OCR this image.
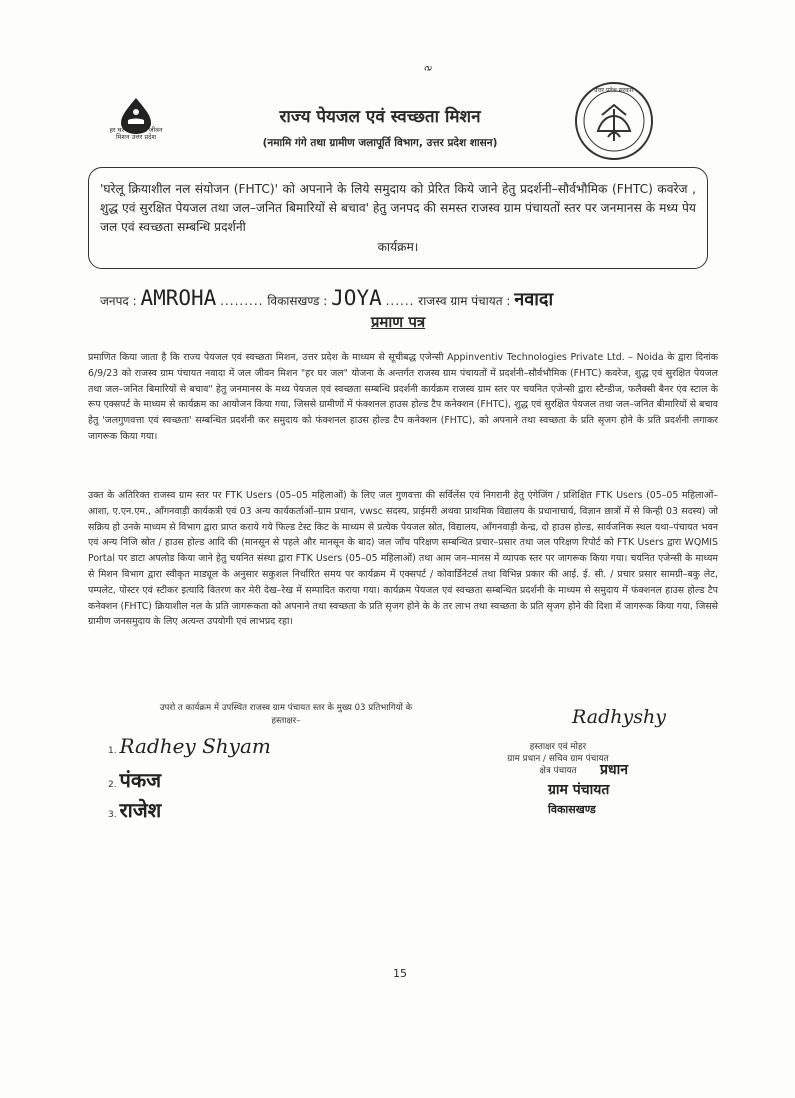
༸
हर घर जल जल जीवन मिशन उत्तर प्रदेश
उत्तर प्रदेश सरकार
राज्य पेयजल एवं स्वच्छता मिशन
(नमामि गंगे तथा ग्रामीण जलापूर्ति विभाग, उत्तर प्रदेश शासन)
'घरेलू क्रियाशील नल संयोजन (FHTC)' को अपनाने के लिये समुदाय को प्रेरित किये जाने हेतु प्रदर्शनी–सौर्वभौमिक (FHTC) कवरेज , शुद्ध एवं सुरक्षित पेयजल तथा जल–जनित बिमारियों से बचाव' हेतु जनपद की समस्त राजस्व ग्राम पंचायतों स्तर पर जनमानस के मध्य पेय जल एवं स्वच्छता सम्बन्धि प्रदर्शनी
कार्यक्रम।
जनपद : AMROHA ......... विकासखण्ड : JOYA ...... राजस्व ग्राम पंचायत : नवादा
प्रमाण पत्र
प्रमाणित किया जाता है कि राज्य पेयजल एवं स्वच्छता मिशन, उत्तर प्रदेश के माध्यम से सूचीबद्ध एजेन्सी Appinventiv Technologies Private Ltd. – Noida के द्वारा दिनांक 6/9/23 को राजस्व ग्राम पंचायत नवादा में जल जीवन मिशन "हर घर जल" योजना के अन्तर्गत राजस्व ग्राम पंचायतों में प्रदर्शनी–सौर्वभौमिक (FHTC) कवरेज, शुद्ध एवं सुरक्षित पेयजल तथा जल–जनित बिमारियों से बचाव" हेतु जनमानस के मध्य पेयजल एवं स्वच्छता सम्बन्धि प्रदर्शनी कार्यक्रम राजस्व ग्राम स्तर पर चयनित एजेन्सी द्वारा स्टैन्डीज, फलैक्सी बैनर एंव स्टाल के रूप एक्सपर्ट के माध्यम से कार्यक्रम का आयोजन किया गया, जिससे ग्रामीणों में फंक्शनल हाउस होल्ड टैप कनेक्शन (FHTC), शुद्ध एवं सुरक्षित पेयजल तथा जल–जनित बीमारियों से बचाव हेतु 'जलगुणवत्ता एवं स्वच्छता' सम्बन्धित प्रदर्शनी कर समुदाय को फंक्शनल हाउस होल्ड टैप कनेक्शन (FHTC), को अपनाने तथा स्वच्छता के प्रति सृजग होने के प्रति प्रदर्शनी लगाकर जागरूक किया गया।
उक्त के अतिरिक्त राजस्व ग्राम स्तर पर FTK Users (05–05 महिलाओं) के लिए जल गुणवत्ता की सर्विलेंस एवं निगरानी हेतु एंगेजिंग / प्रशिक्षित FTK Users (05–05 महिलाओं–आशा, ए.एन.एम., आँगनवाड़ी कार्यकत्री एवं 03 अन्य कार्यकर्ताओं–ग्राम प्रधान, vwsc सदस्य, प्राईमरी अथवा प्राथमिक विद्यालय के प्रधानाचार्य, विज्ञान छात्रों में से किन्ही 03 सदस्य) जो सक्रिय हो उनके माध्यम से विभाग द्वारा प्राप्त कराये गये फिल्ड टेस्ट किट के माध्यम से प्रत्येक पेयजल स्रोत, विद्यालय, आँगनवाड़ी केन्द्र, दो हाउस होल्ड, सार्वजनिक स्थल यथा–पंचायत भवन एवं अन्य निजि स्रोत / हाउस होल्ड आदि की (मानसून से पहले और मानसून के बाद) जल जाँच परिक्षण सम्बन्धित प्रचार–प्रसार तथा जल परिक्षण रिपोर्ट को FTK Users द्वारा WQMIS Portal पर डाटा अपलोड किया जाने हेतु चयनित संस्था द्वारा FTK Users (05–05 महिलाओं) तथा आम जन–मानस में व्यापक स्तर पर जागरूक किया गया। चयनित एजेन्सी के माध्यम से मिशन विभाग द्वारा स्वीकृत माड्यूल के अनुसार सकुशल निर्धारित समय पर कार्यक्रम में एक्सपर्ट / कोवार्डिनेटर्स तथा विभिन्न प्रकार की आई. ई. सी. / प्रचार प्रसार सामग्री–बकु लेट, पम्पलेट, पोस्टर एवं स्टीकर इत्यादि वितरण कर मेरी देख–रेख में सम्पादित कराया गया। कार्यक्रम पेयजल एवं स्वच्छता सम्बन्धित प्रदर्शनी के माध्यम से समुदाय में फंक्शनल हाउस होल्ड टैप कनेक्शन (FHTC) क्रियाशील नल के प्रति जागरूकता को अपनाने तथा स्वच्छता के प्रति सृजग होने के के तर लाभ तथा स्वच्छता के प्रति सृजग होने की दिशा में जागरूक किया गया, जिससे ग्रामीण जनसमुदाय के लिए अत्यन्त उपयोगी एवं लाभप्रद रहा।
उपरो त कार्यक्रम में उपस्थित राजस्व ग्राम पंचायत स्तर के मुख्य 03 प्रतिभागियों के
हस्ताक्षर–
1. Radhey Shyam
2. पंकज
3. राजेश
Radhyshy
हस्ताक्षर एवं मोहर
ग्राम प्रधान / सचिव ग्राम पंचायत
क्षेत्र पंचायत	प्रधान
ग्राम पंचायत
विकासखण्ड
15
